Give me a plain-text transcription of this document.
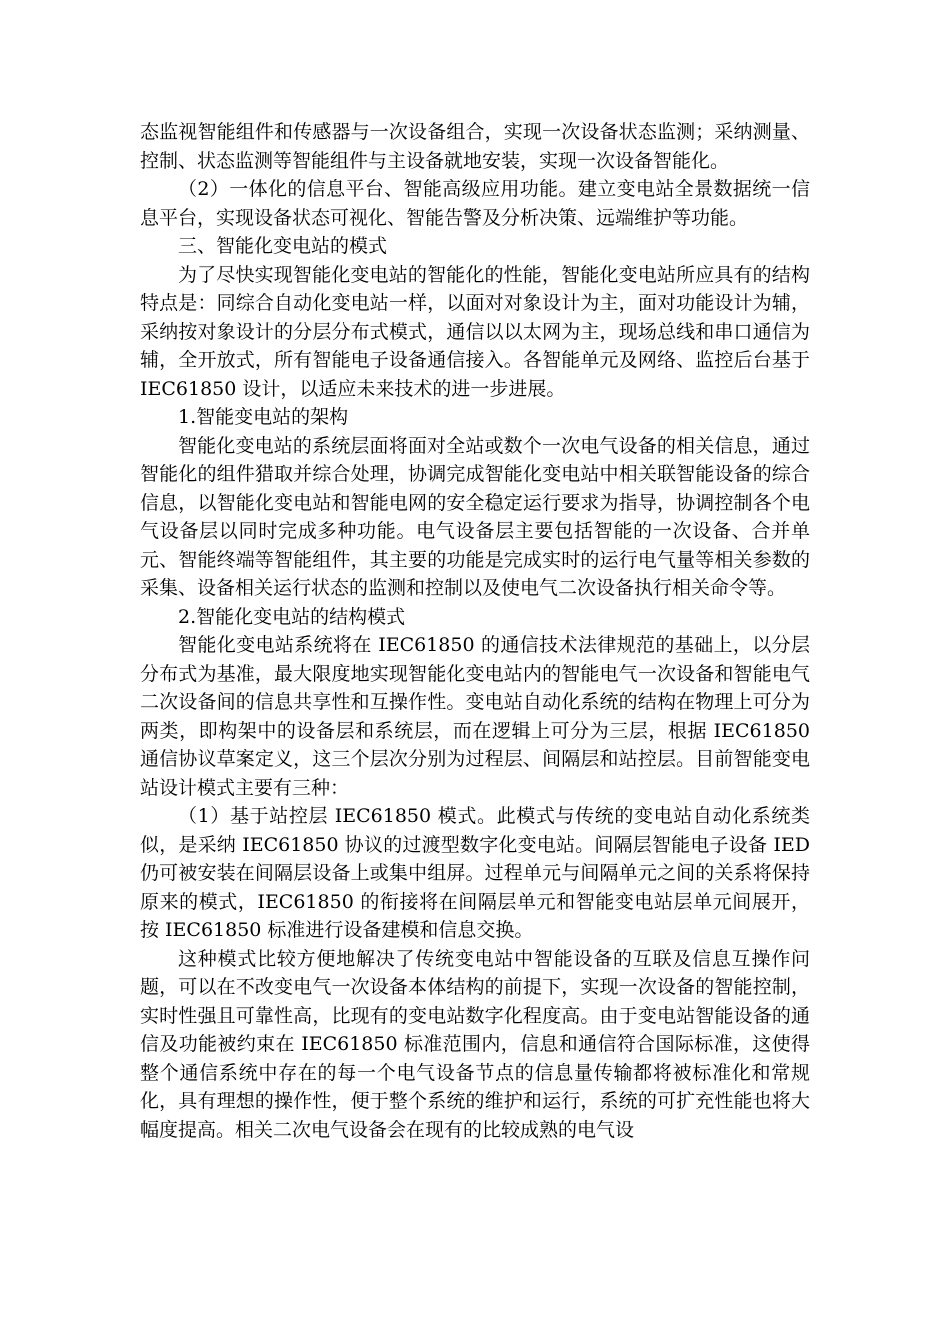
态监视智能组件和传感器与一次设备组合，实现一次设备状态监测；采纳测量、控制、状态监测等智能组件与主设备就地安装，实现一次设备智能化。

（2）一体化的信息平台、智能高级应用功能。建立变电站全景数据统一信息平台，实现设备状态可视化、智能告警及分析决策、远端维护等功能。

三、智能化变电站的模式

为了尽快实现智能化变电站的智能化的性能，智能化变电站所应具有的结构特点是：同综合自动化变电站一样，以面对对象设计为主，面对功能设计为辅，采纳按对象设计的分层分布式模式，通信以以太网为主，现场总线和串口通信为辅，全开放式，所有智能电子设备通信接入。各智能单元及网络、监控后台基于 IEC61850 设计，以适应未来技术的进一步进展。

1.智能变电站的架构

智能化变电站的系统层面将面对全站或数个一次电气设备的相关信息，通过智能化的组件猎取并综合处理，协调完成智能化变电站中相关联智能设备的综合信息，以智能化变电站和智能电网的安全稳定运行要求为指导，协调控制各个电气设备层以同时完成多种功能。电气设备层主要包括智能的一次设备、合并单元、智能终端等智能组件，其主要的功能是完成实时的运行电气量等相关参数的采集、设备相关运行状态的监测和控制以及使电气二次设备执行相关命令等。

2.智能化变电站的结构模式

智能化变电站系统将在 IEC61850 的通信技术法律规范的基础上，以分层分布式为基准，最大限度地实现智能化变电站内的智能电气一次设备和智能电气二次设备间的信息共享性和互操作性。变电站自动化系统的结构在物理上可分为两类，即构架中的设备层和系统层，而在逻辑上可分为三层，根据 IEC61850 通信协议草案定义，这三个层次分别为过程层、间隔层和站控层。目前智能变电站设计模式主要有三种：

（1）基于站控层 IEC61850 模式。此模式与传统的变电站自动化系统类似，是采纳 IEC61850 协议的过渡型数字化变电站。间隔层智能电子设备 IED 仍可被安装在间隔层设备上或集中组屏。过程单元与间隔单元之间的关系将保持原来的模式，IEC61850 的衔接将在间隔层单元和智能变电站层单元间展开，按 IEC61850 标准进行设备建模和信息交换。

这种模式比较方便地解决了传统变电站中智能设备的互联及信息互操作问题，可以在不改变电气一次设备本体结构的前提下，实现一次设备的智能控制，实时性强且可靠性高，比现有的变电站数字化程度高。由于变电站智能设备的通信及功能被约束在 IEC61850 标准范围内，信息和通信符合国际标准，这使得整个通信系统中存在的每一个电气设备节点的信息量传输都将被标准化和常规化，具有理想的操作性，便于整个系统的维护和运行，系统的可扩充性能也将大幅度提高。相关二次电气设备会在现有的比较成熟的电气设
